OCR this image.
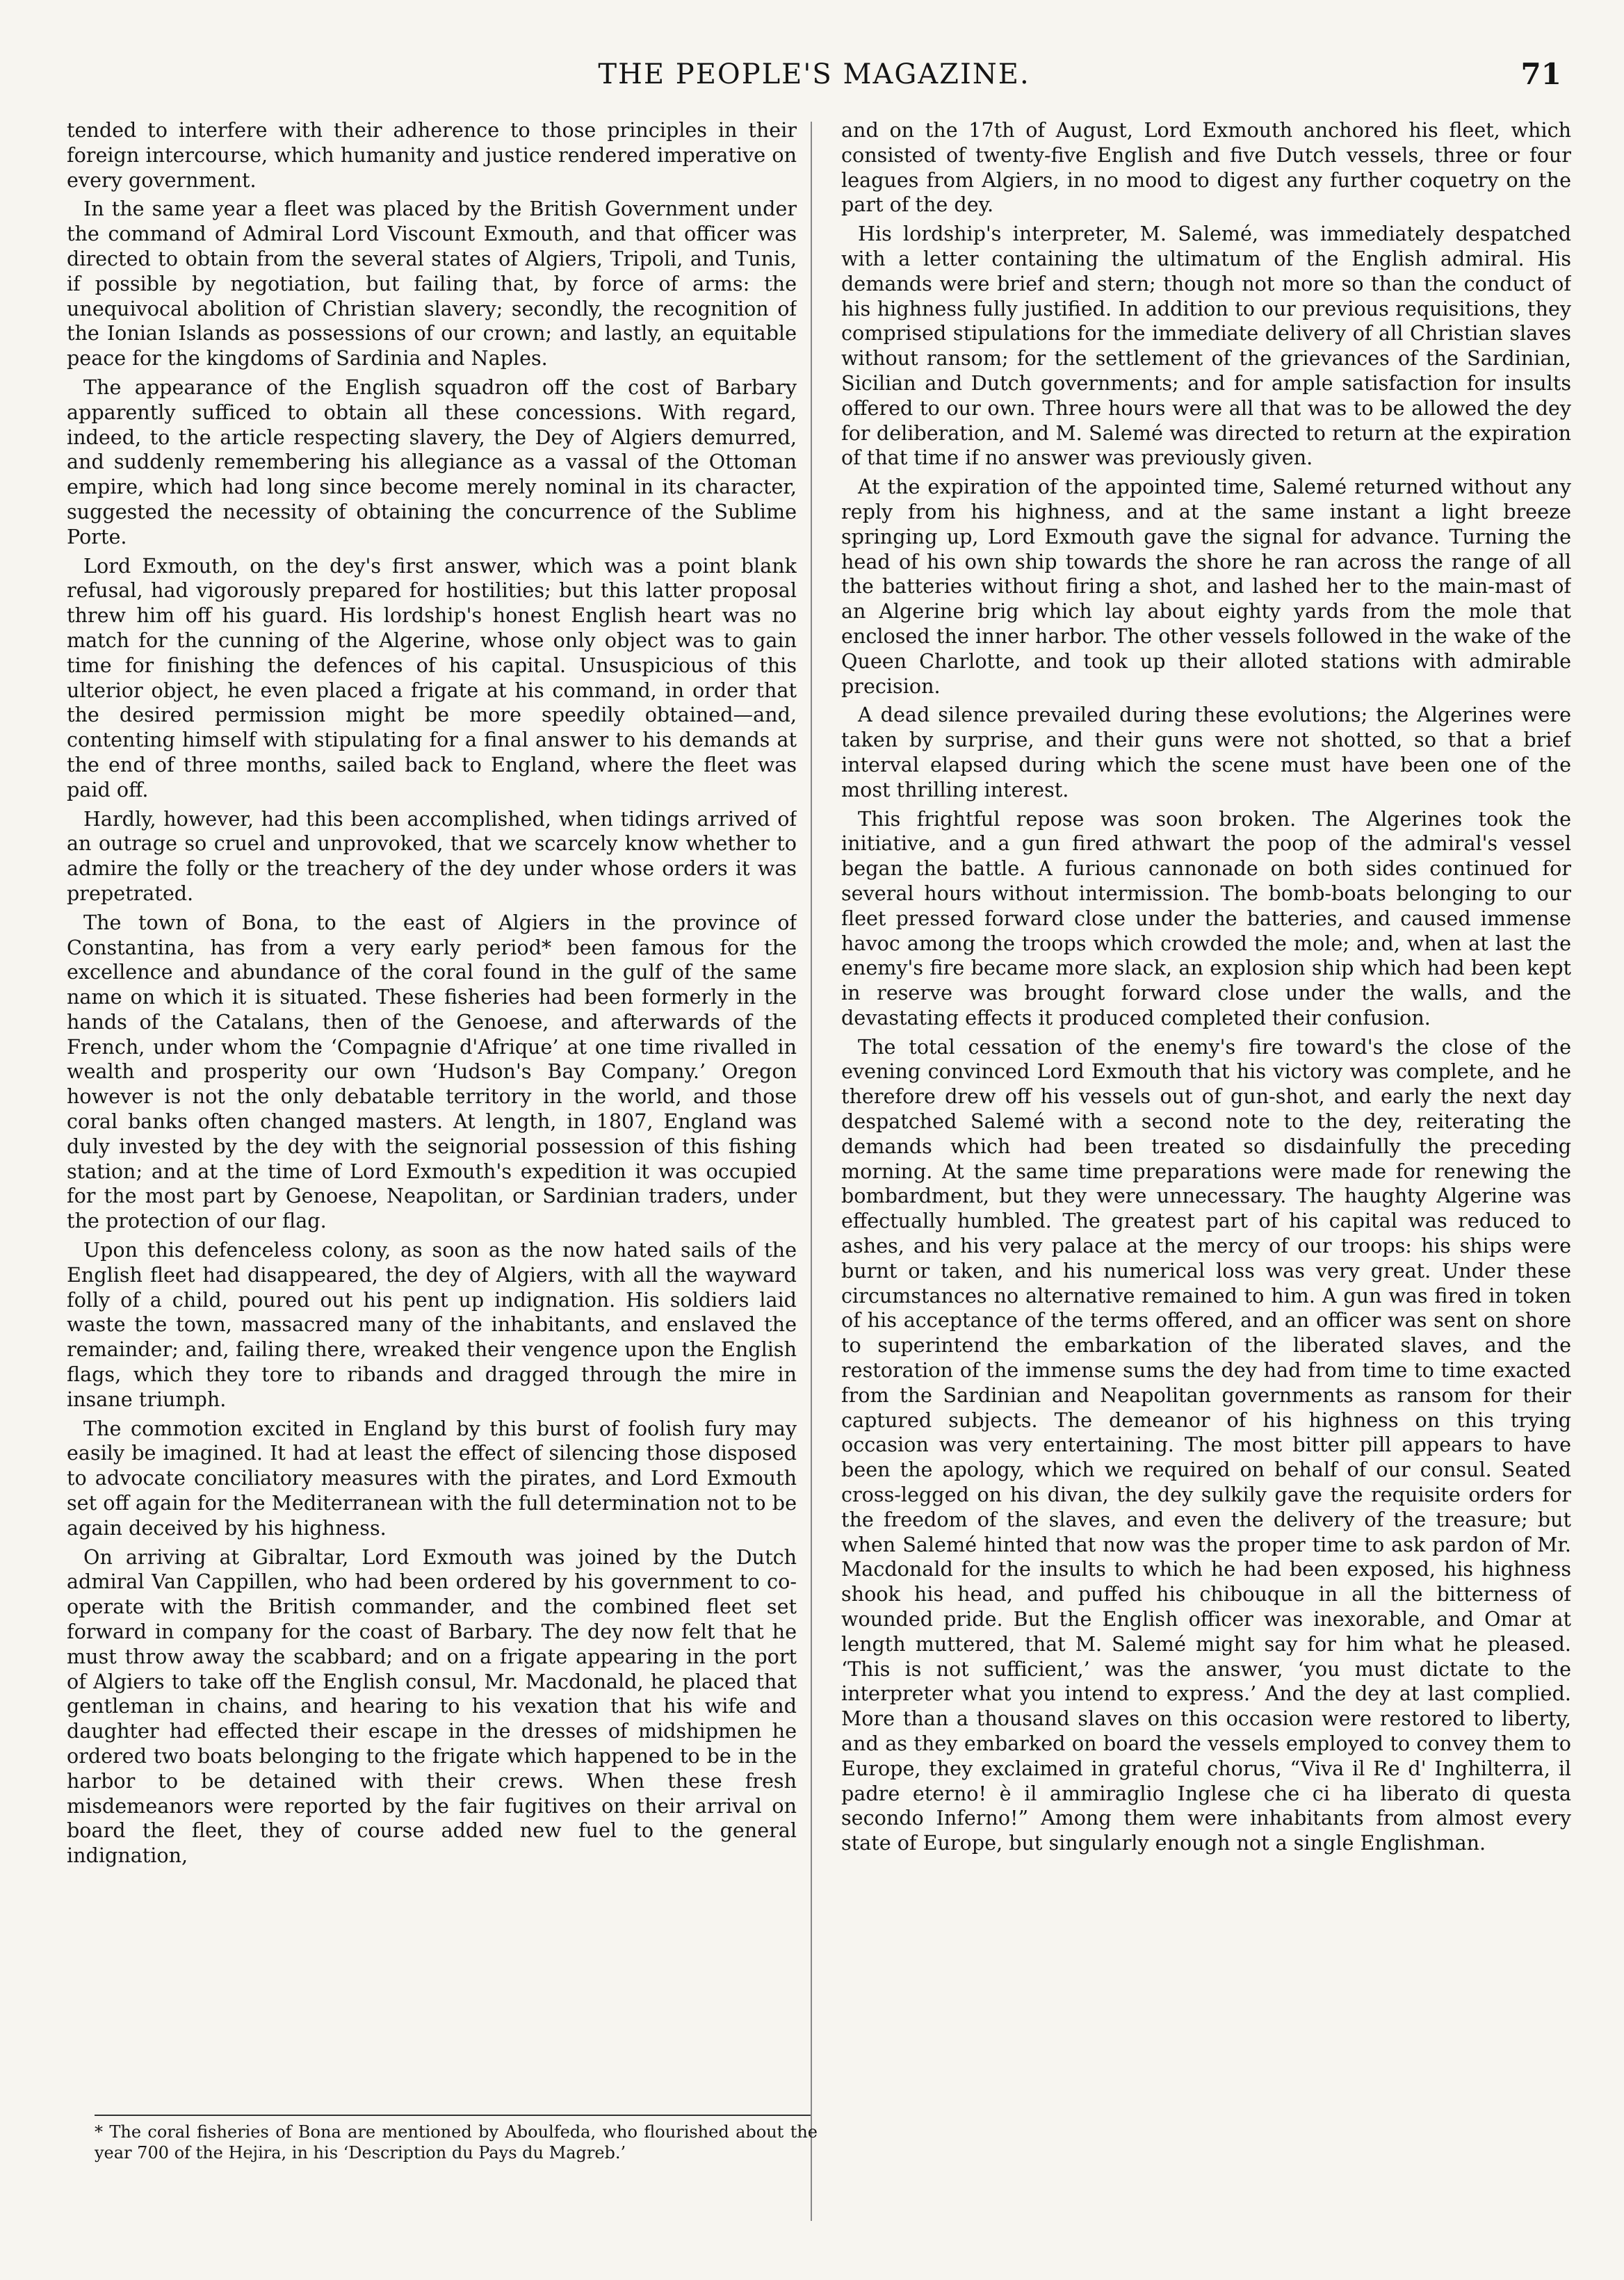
THE PEOPLE'S MAGAZINE.	71

tended to interfere with their adherence to those principles in their foreign intercourse, which humanity and justice rendered imperative on every government.

In the same year a fleet was placed by the British Government under the command of Admiral Lord Viscount Exmouth, and that officer was directed to obtain from the several states of Algiers, Tripoli, and Tunis, if possible by negotiation, but failing that, by force of arms: the unequivocal abolition of Christian slavery; secondly, the recognition of the Ionian Islands as possessions of our crown; and lastly, an equitable peace for the kingdoms of Sardinia and Naples.

The appearance of the English squadron off the cost of Barbary apparently sufficed to obtain all these concessions. With regard, indeed, to the article respecting slavery, the Dey of Algiers demurred, and suddenly remembering his allegiance as a vassal of the Ottoman empire, which had long since become merely nominal in its character, suggested the necessity of obtaining the concurrence of the Sublime Porte.

Lord Exmouth, on the dey's first answer, which was a point blank refusal, had vigorously prepared for hostilities; but this latter proposal threw him off his guard. His lordship's honest English heart was no match for the cunning of the Algerine, whose only object was to gain time for finishing the defences of his capital. Unsuspicious of this ulterior object, he even placed a frigate at his command, in order that the desired permission might be more speedily obtained—and, contenting himself with stipulating for a final answer to his demands at the end of three months, sailed back to England, where the fleet was paid off.

Hardly, however, had this been accomplished, when tidings arrived of an outrage so cruel and unprovoked, that we scarcely know whether to admire the folly or the treachery of the dey under whose orders it was prepetrated.

The town of Bona, to the east of Algiers in the province of Constantina, has from a very early period* been famous for the excellence and abundance of the coral found in the gulf of the same name on which it is situated. These fisheries had been formerly in the hands of the Catalans, then of the Genoese, and afterwards of the French, under whom the ‘Compagnie d'Afrique’ at one time rivalled in wealth and prosperity our own ‘Hudson's Bay Company.’ Oregon however is not the only debatable territory in the world, and those coral banks often changed masters. At length, in 1807, England was duly invested by the dey with the seignorial possession of this fishing station; and at the time of Lord Exmouth's expedition it was occupied for the most part by Genoese, Neapolitan, or Sardinian traders, under the protection of our flag.

Upon this defenceless colony, as soon as the now hated sails of the English fleet had disappeared, the dey of Algiers, with all the wayward folly of a child, poured out his pent up indignation. His soldiers laid waste the town, massacred many of the inhabitants, and enslaved the remainder; and, failing there, wreaked their vengence upon the English flags, which they tore to ribands and dragged through the mire in insane triumph.

The commotion excited in England by this burst of foolish fury may easily be imagined. It had at least the effect of silencing those disposed to advocate conciliatory measures with the pirates, and Lord Exmouth set off again for the Mediterranean with the full determination not to be again deceived by his highness.

On arriving at Gibraltar, Lord Exmouth was joined by the Dutch admiral Van Cappillen, who had been ordered by his government to co-operate with the British commander, and the combined fleet set forward in company for the coast of Barbary. The dey now felt that he must throw away the scabbard; and on a frigate appearing in the port of Algiers to take off the English consul, Mr. Macdonald, he placed that gentleman in chains, and hearing to his vexation that his wife and daughter had effected their escape in the dresses of midshipmen he ordered two boats belonging to the frigate which happened to be in the harbor to be detained with their crews. When these fresh misdemeanors were reported by the fair fugitives on their arrival on board the fleet, they of course added new fuel to the general indignation,

and on the 17th of August, Lord Exmouth anchored his fleet, which consisted of twenty-five English and five Dutch vessels, three or four leagues from Algiers, in no mood to digest any further coquetry on the part of the dey.

His lordship's interpreter, M. Salemé, was immediately despatched with a letter containing the ultimatum of the English admiral. His demands were brief and stern; though not more so than the conduct of his highness fully justified. In addition to our previous requisitions, they comprised stipulations for the immediate delivery of all Christian slaves without ransom; for the settlement of the grievances of the Sardinian, Sicilian and Dutch governments; and for ample satisfaction for insults offered to our own. Three hours were all that was to be allowed the dey for deliberation, and M. Salemé was directed to return at the expiration of that time if no answer was previously given.

At the expiration of the appointed time, Salemé returned without any reply from his highness, and at the same instant a light breeze springing up, Lord Exmouth gave the signal for advance. Turning the head of his own ship towards the shore he ran across the range of all the batteries without firing a shot, and lashed her to the main-mast of an Algerine brig which lay about eighty yards from the mole that enclosed the inner harbor. The other vessels followed in the wake of the Queen Charlotte, and took up their alloted stations with admirable precision.

A dead silence prevailed during these evolutions; the Algerines were taken by surprise, and their guns were not shotted, so that a brief interval elapsed during which the scene must have been one of the most thrilling interest.

This frightful repose was soon broken. The Algerines took the initiative, and a gun fired athwart the poop of the admiral's vessel began the battle. A furious cannonade on both sides continued for several hours without intermission. The bomb-boats belonging to our fleet pressed forward close under the batteries, and caused immense havoc among the troops which crowded the mole; and, when at last the enemy's fire became more slack, an explosion ship which had been kept in reserve was brought forward close under the walls, and the devastating effects it produced completed their confusion.

The total cessation of the enemy's fire toward's the close of the evening convinced Lord Exmouth that his victory was complete, and he therefore drew off his vessels out of gun-shot, and early the next day despatched Salemé with a second note to the dey, reiterating the demands which had been treated so disdainfully the preceding morning. At the same time preparations were made for renewing the bombardment, but they were unnecessary. The haughty Algerine was effectually humbled. The greatest part of his capital was reduced to ashes, and his very palace at the mercy of our troops: his ships were burnt or taken, and his numerical loss was very great. Under these circumstances no alternative remained to him. A gun was fired in token of his acceptance of the terms offered, and an officer was sent on shore to superintend the embarkation of the liberated slaves, and the restoration of the immense sums the dey had from time to time exacted from the Sardinian and Neapolitan governments as ransom for their captured subjects. The demeanor of his highness on this trying occasion was very entertaining. The most bitter pill appears to have been the apology, which we required on behalf of our consul. Seated cross-legged on his divan, the dey sulkily gave the requisite orders for the freedom of the slaves, and even the delivery of the treasure; but when Salemé hinted that now was the proper time to ask pardon of Mr. Macdonald for the insults to which he had been exposed, his highness shook his head, and puffed his chibouque in all the bitterness of wounded pride. But the English officer was inexorable, and Omar at length muttered, that M. Salemé might say for him what he pleased. ‘This is not sufficient,’ was the answer, ‘you must dictate to the interpreter what you intend to express.’ And the dey at last complied. More than a thousand slaves on this occasion were restored to liberty, and as they embarked on board the vessels employed to convey them to Europe, they exclaimed in grateful chorus, “Viva il Re d' Inghilterra, il padre eterno! è il ammiraglio Inglese che ci ha liberato di questa secondo Inferno!” Among them were inhabitants from almost every state of Europe, but singularly enough not a single Englishman.

* The coral fisheries of Bona are mentioned by Aboulfeda, who flourished about the year 700 of the Hejira, in his ‘Description du Pays du Magreb.’
